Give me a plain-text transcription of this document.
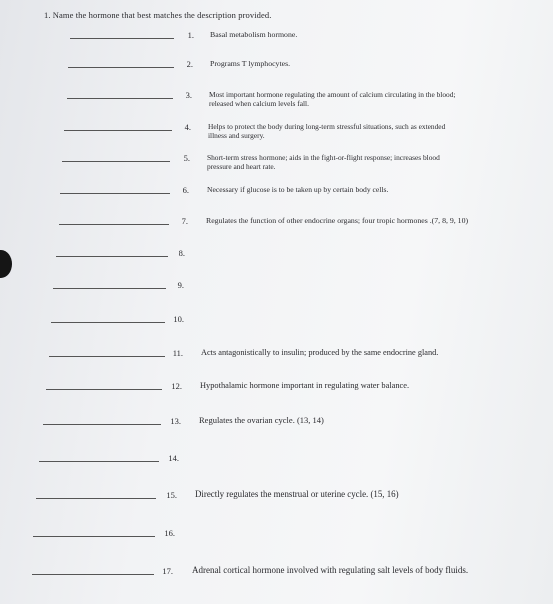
1. Name the hormone that best matches the description provided.
1. Basal metabolism hormone.
2. Programs T lymphocytes.
3. Most important hormone regulating the amount of calcium circulating in the blood;
released when calcium levels fall.
4. Helps to protect the body during long-term stressful situations, such as extended
illness and surgery.
5. Short-term stress hormone; aids in the fight-or-flight response; increases blood
pressure and heart rate.
6. Necessary if glucose is to be taken up by certain body cells.
7. Regulates the function of other endocrine organs; four tropic hormones .(7, 8, 9, 10)
8.
9.
10.
11. Acts antagonistically to insulin; produced by the same endocrine gland.
12. Hypothalamic hormone important in regulating water balance.
13. Regulates the ovarian cycle. (13, 14)
14.
15. Directly regulates the menstrual or uterine cycle. (15, 16)
16.
17. Adrenal cortical hormone involved with regulating salt levels of body fluids.
